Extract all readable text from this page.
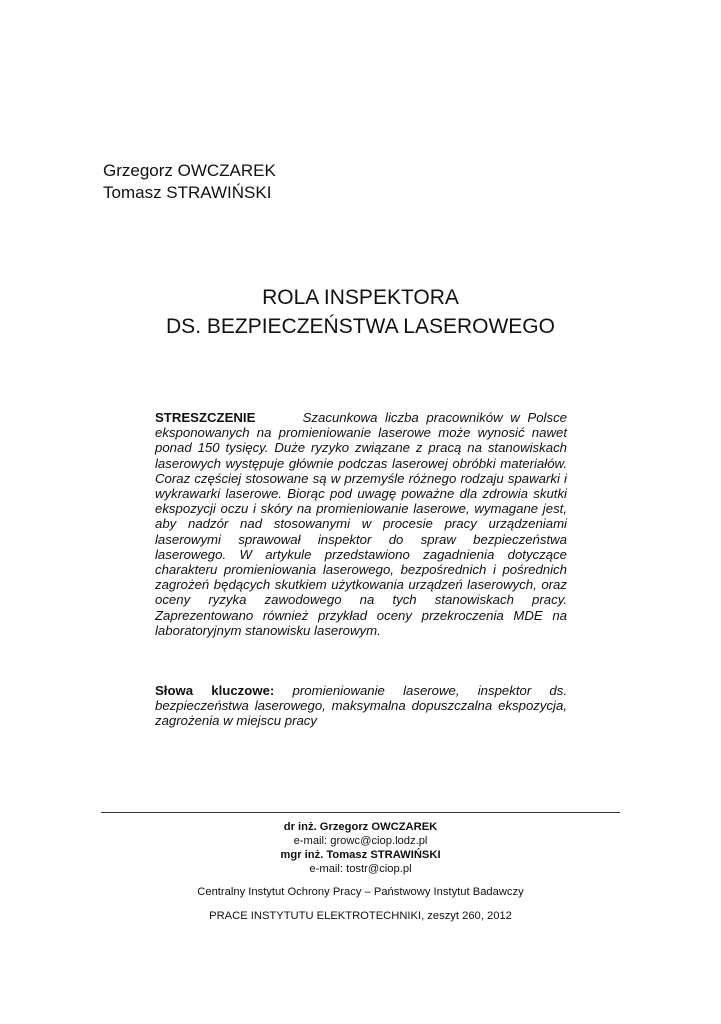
Grzegorz OWCZAREK
Tomasz STRAWIŃSKI
ROLA INSPEKTORA
DS. BEZPIECZEŃSTWA LASEROWEGO
STRESZCZENIE	Szacunkowa liczba pracowników w Polsce eksponowanych na promieniowanie laserowe może wynosić nawet ponad 150 tysięcy. Duże ryzyko związane z pracą na stanowiskach laserowych występuje głównie podczas laserowej obróbki materiałów. Coraz częściej stosowane są w przemyśle różnego rodzaju spawarki i wykrawarki laserowe. Biorąc pod uwagę poważne dla zdrowia skutki ekspozycji oczu i skóry na promieniowanie laserowe, wymagane jest, aby nadzór nad stosowanymi w procesie pracy urządzeniami laserowymi sprawował inspektor do spraw bezpieczeństwa laserowego. W artykule przedstawiono zagadnienia dotyczące charakteru promieniowania laserowego, bezpośrednich i pośrednich zagrożeń będących skutkiem użytkowania urządzeń laserowych, oraz oceny ryzyka zawodowego na tych stanowiskach pracy. Zaprezentowano również przykład oceny przekroczenia MDE na laboratoryjnym stanowisku laserowym.
Słowa kluczowe: promieniowanie laserowe, inspektor ds. bezpieczeństwa laserowego, maksymalna dopuszczalna ekspozycja, zagrożenia w miejscu pracy
dr inż. Grzegorz OWCZAREK
e-mail: growc@ciop.lodz.pl
mgr inż. Tomasz STRAWIŃSKI
e-mail: tostr@ciop.pl
Centralny Instytut Ochrony Pracy – Państwowy Instytut Badawczy
PRACE INSTYTUTU ELEKTROTECHNIKI, zeszyt 260, 2012
